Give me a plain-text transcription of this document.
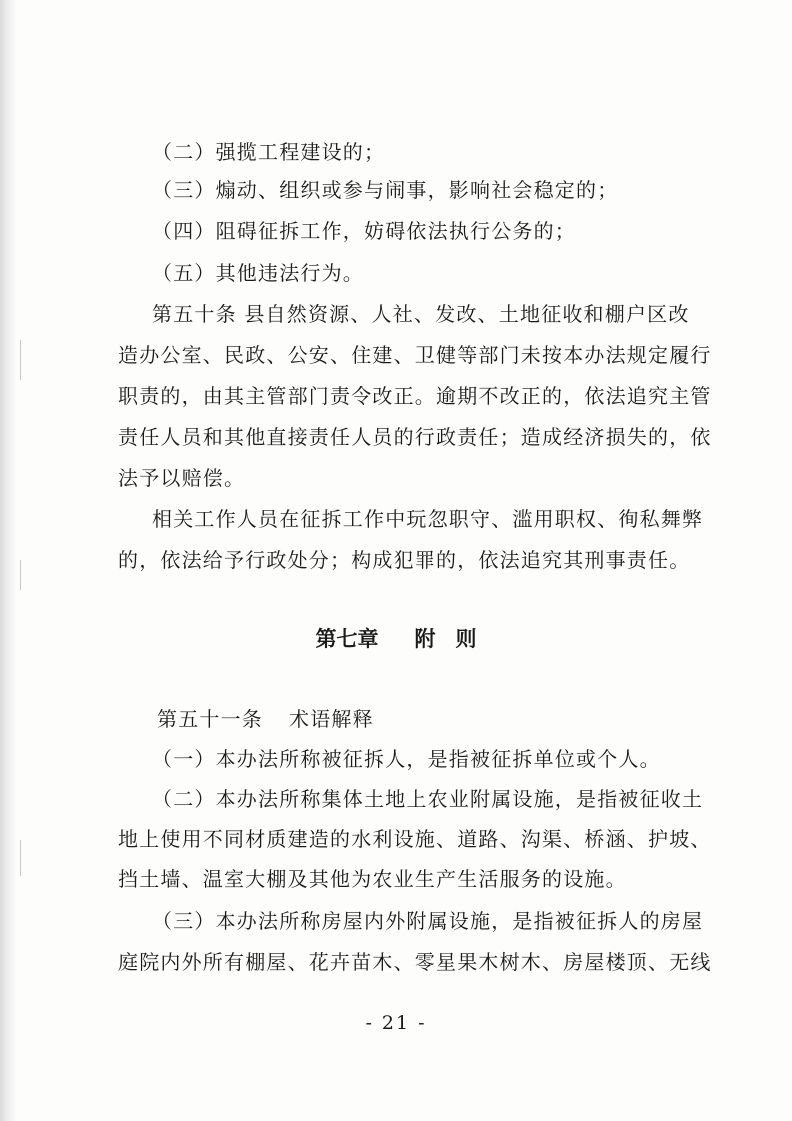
（二）强揽工程建设的；
（三）煽动、组织或参与闹事，影响社会稳定的；
（四）阻碍征拆工作，妨碍依法执行公务的；
（五）其他违法行为。
第五十条 县自然资源、人社、发改、土地征收和棚户区改
造办公室、民政、公安、住建、卫健等部门未按本办法规定履行
职责的，由其主管部门责令改正。逾期不改正的，依法追究主管
责任人员和其他直接责任人员的行政责任；造成经济损失的，依
法予以赔偿。
相关工作人员在征拆工作中玩忽职守、滥用职权、徇私舞弊
的，依法给予行政处分；构成犯罪的，依法追究其刑事责任。
第七章 附 则
第五十一条 术语解释
（一）本办法所称被征拆人，是指被征拆单位或个人。
（二）本办法所称集体土地上农业附属设施，是指被征收土
地上使用不同材质建造的水利设施、道路、沟渠、桥涵、护坡、
挡土墙、温室大棚及其他为农业生产生活服务的设施。
（三）本办法所称房屋内外附属设施，是指被征拆人的房屋
庭院内外所有棚屋、花卉苗木、零星果木树木、房屋楼顶、无线
- 21 -
